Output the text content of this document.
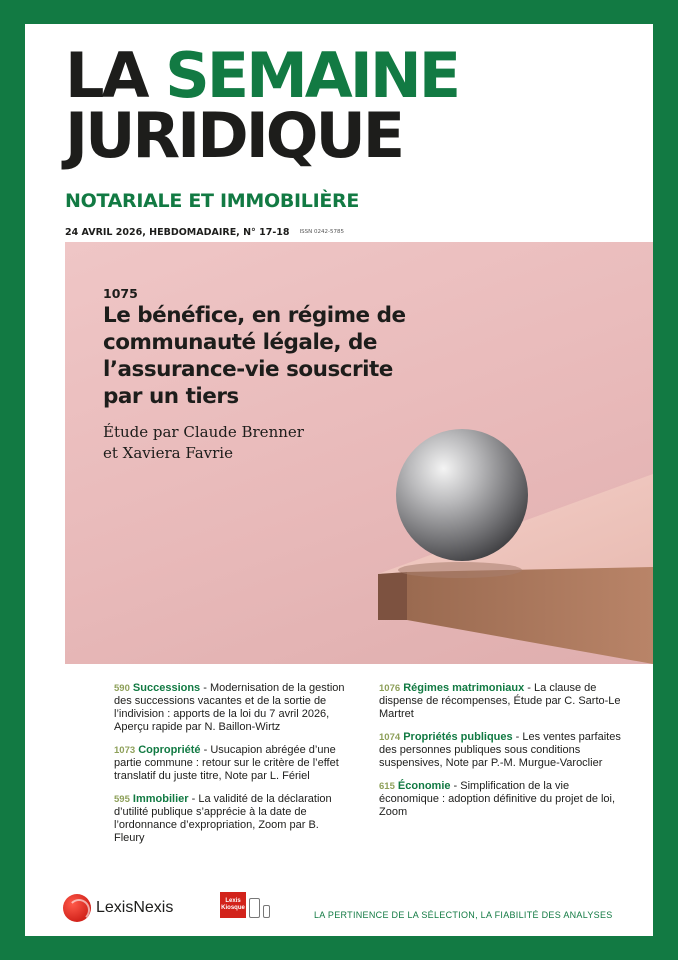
LA SEMAINE
JURIDIQUE
NOTARIALE ET IMMOBILIÈRE
24 AVRIL 2026, HEBDOMADAIRE, N° 17-18 $^{ISSN 0242-5785}$
1075
Le bénéfice, en régime de communauté légale, de l’assurance-vie souscrite par un tiers
Étude par Claude Brenner
et Xaviera Favrie
590 Successions - Modernisation de la gestion des successions vacantes et de la sortie de l’indivision : apports de la loi du 7 avril 2026, Aperçu rapide par N. Baillon-Wirtz
1073 Copropriété - Usucapion abrégée d’une partie commune : retour sur le critère de l’effet translatif du juste titre, Note par L. Fériel
595 Immobilier - La validité de la déclaration d’utilité publique s’apprécie à la date de l’ordonnance d’expropriation, Zoom par B. Fleury
1076 Régimes matrimoniaux - La clause de dispense de récompenses, Étude par C. Sarto-Le Martret
1074 Propriétés publiques - Les ventes parfaites des personnes publiques sous conditions suspensives, Note par P.-M. Murgue-Varoclier
615 Économie - Simplification de la vie économique : adoption définitive du projet de loi, Zoom
LexisNexis	Lexis
Kiosque
LA PERTINENCE DE LA SÉLECTION, LA FIABILITÉ DES ANALYSES
